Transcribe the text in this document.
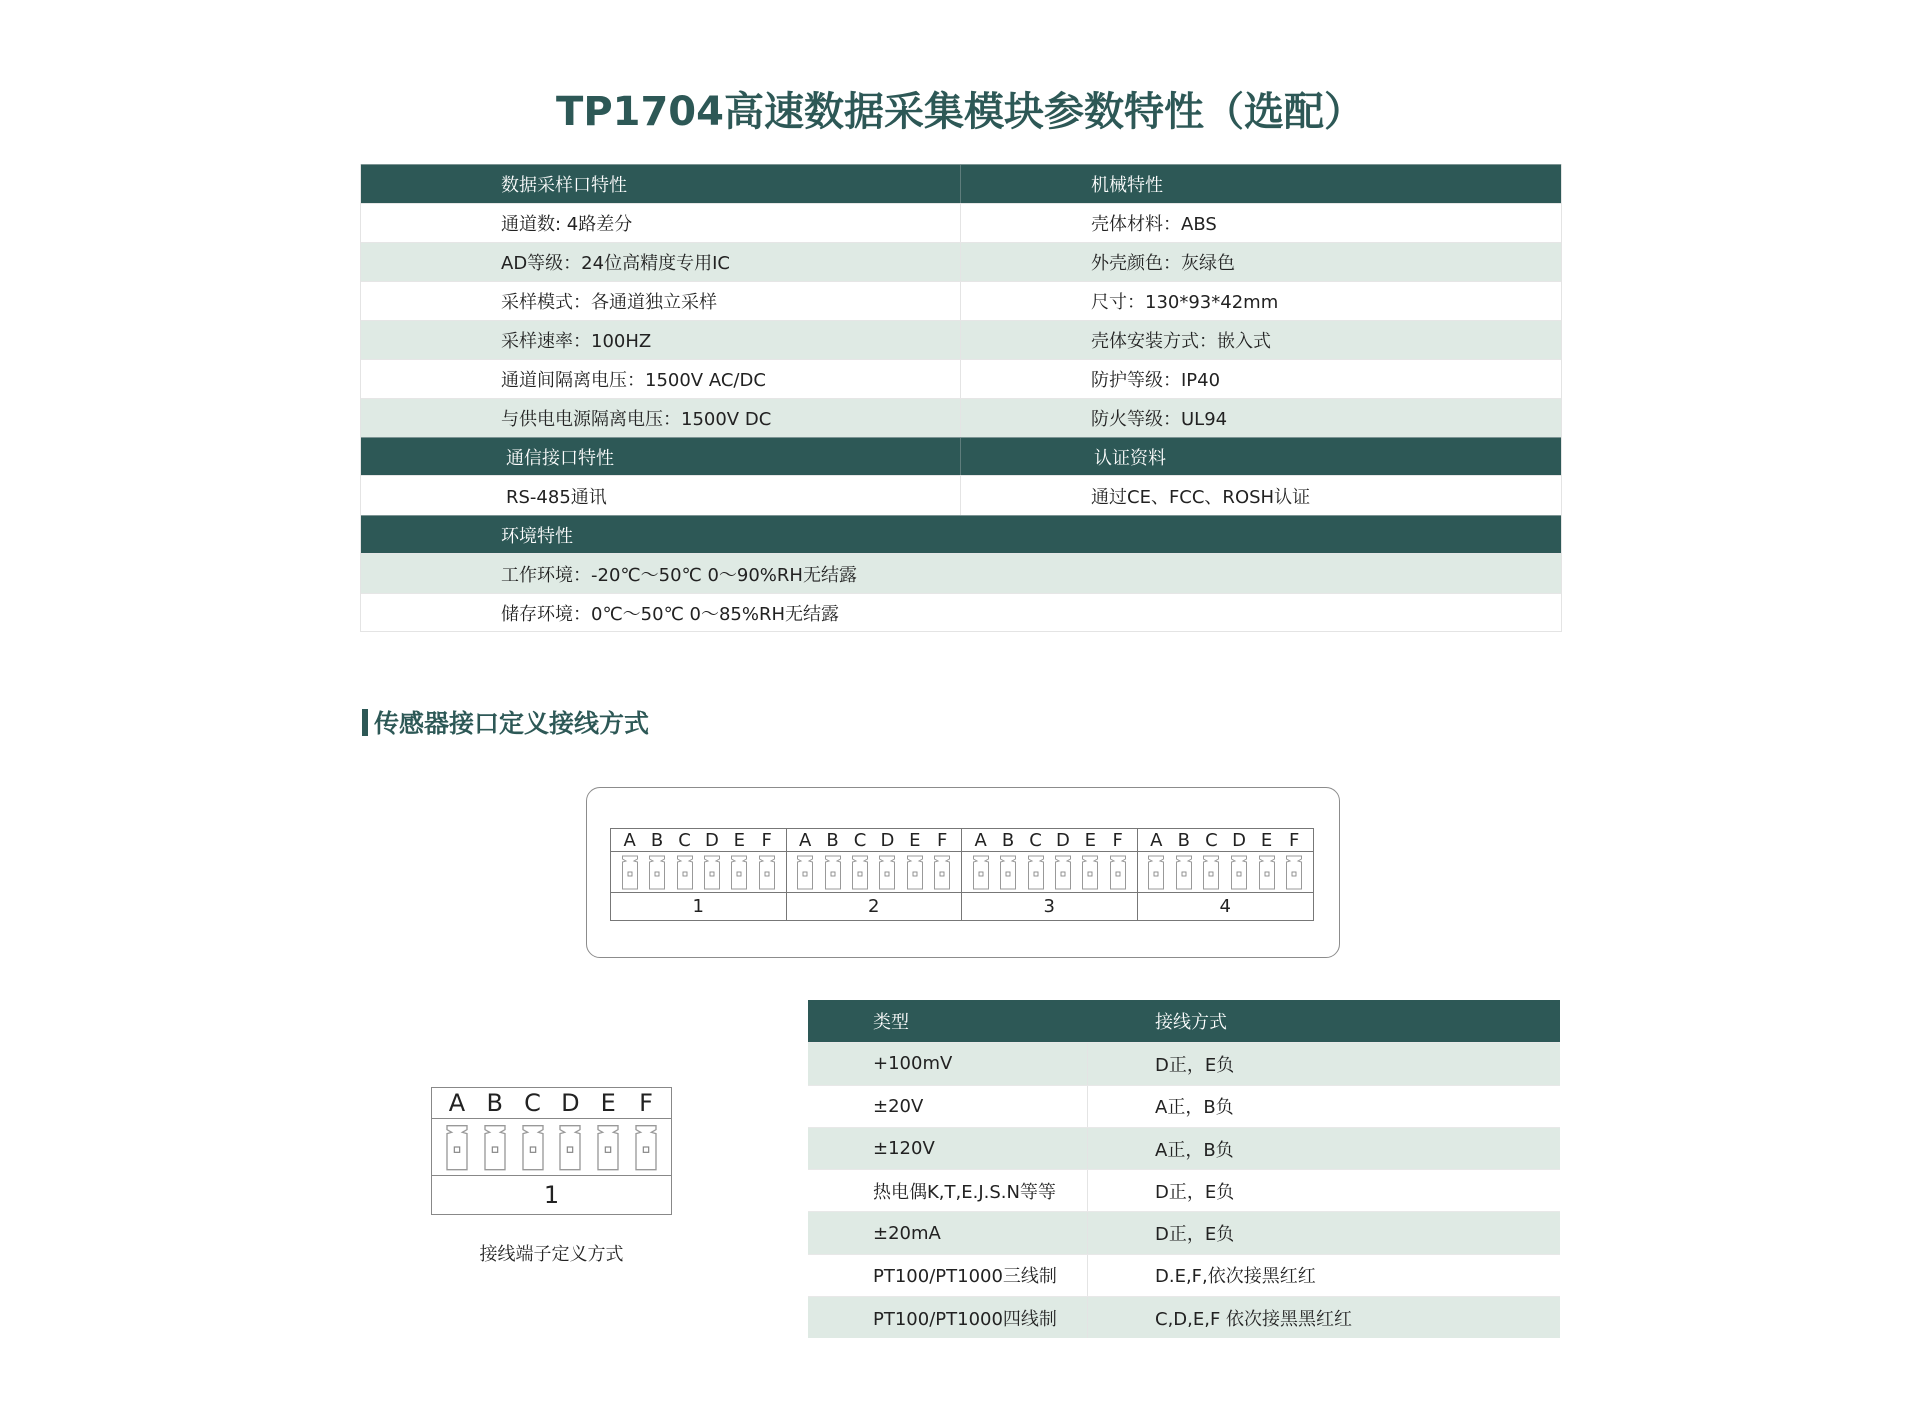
TP1704高速数据采集模块参数特性（选配）
数据采样口特性	机械特性
通道数: 4路差分	壳体材料：ABS
AD等级：24位高精度专用IC	外壳颜色：灰绿色
采样模式：各通道独立采样	尺寸：130*93*42mm
采样速率：100HZ	壳体安装方式：嵌入式
通道间隔离电压：1500V AC/DC	防护等级：IP40
与供电电源隔离电压：1500V DC	防火等级：UL94
通信接口特性	认证资料
RS-485通讯	通过CE、FCC、ROSH认证
环境特性
工作环境：-20℃～50℃ 0～90%RH无结露
储存环境：0℃～50℃ 0～85%RH无结露
传感器接口定义接线方式
A B C D E F
1
A B C D E F
2
A B C D E F
3
A B C D E F
4
A B C D E F
1
接线端子定义方式
类型	接线方式
+100mV	D正，E负
±20V	A正，B负
±120V	A正，B负
热电偶K,T,E.J.S.N等等	D正，E负
±20mA	D正，E负
PT100/PT1000三线制	D.E,F,依次接黑红红
PT100/PT1000四线制	C,D,E,F 依次接黑黑红红
